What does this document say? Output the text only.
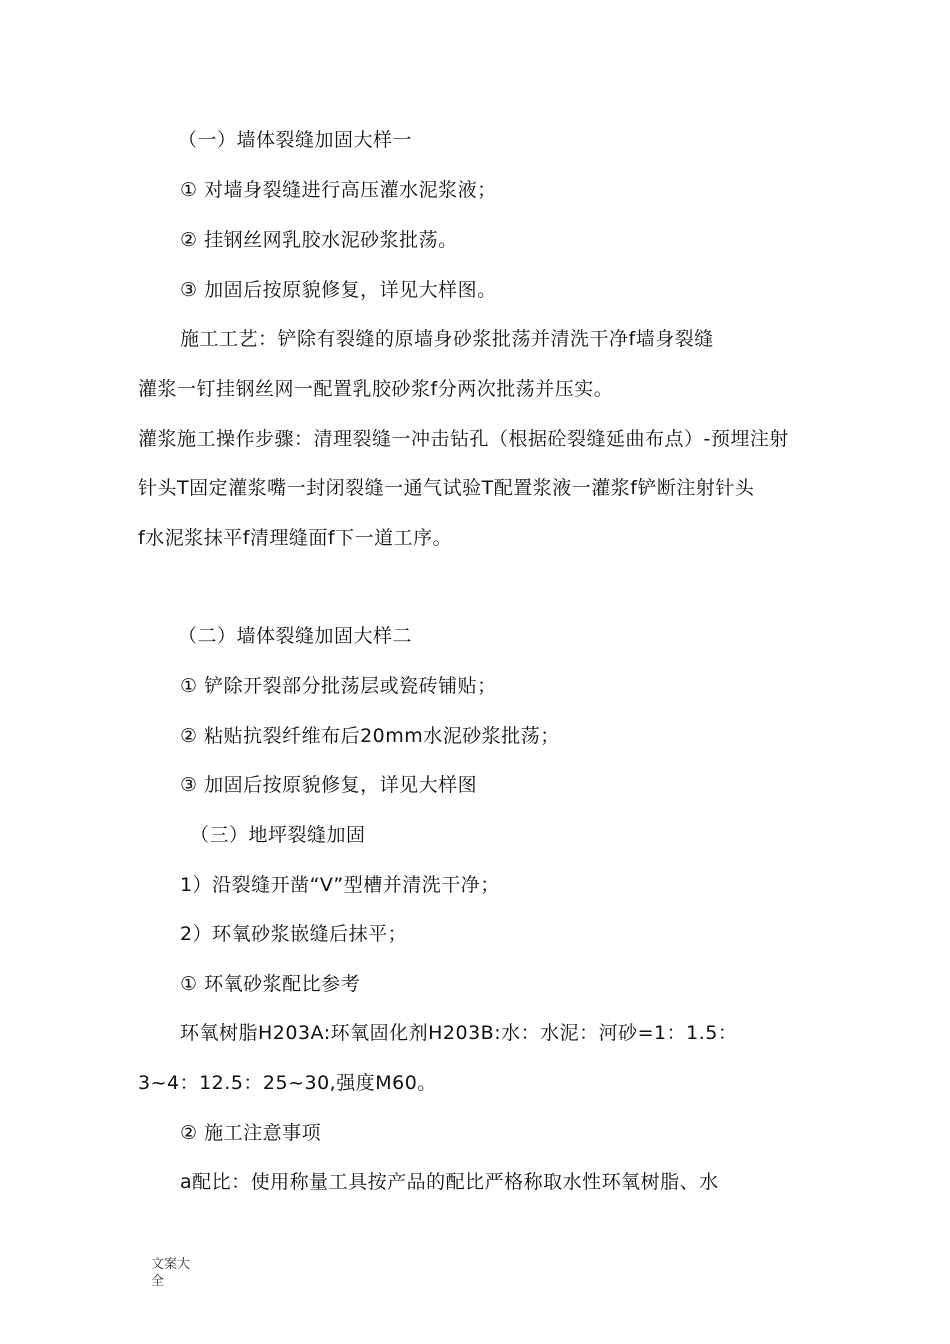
（一）墙体裂缝加固大样一
① 对墙身裂缝进行高压灌水泥浆液；
② 挂钢丝网乳胶水泥砂浆批荡。
③ 加固后按原貌修复，详见大样图。
施工工艺：铲除有裂缝的原墙身砂浆批荡并清洗干净f墙身裂缝
灌浆一钉挂钢丝网一配置乳胶砂浆f分两次批荡并压实。
灌浆施工操作步骤：清理裂缝一冲击钻孔（根据砼裂缝延曲布点）-预埋注射
针头T固定灌浆嘴一封闭裂缝一通气试验T配置浆液一灌浆f铲断注射针头
f水泥浆抹平f清理缝面f下一道工序。
（二）墙体裂缝加固大样二
① 铲除开裂部分批荡层或瓷砖铺贴；
② 粘贴抗裂纤维布后20mm水泥砂浆批荡；
③ 加固后按原貌修复，详见大样图
（三）地坪裂缝加固
1）沿裂缝开凿“V”型槽并清洗干净；
2）环氧砂浆嵌缝后抹平；
① 环氧砂浆配比参考
环氧树脂H203A:环氧固化剂H203B:水：水泥：河砂=1：1.5：
3~4：12.5：25~30,强度M60。
② 施工注意事项
a配比：使用称量工具按产品的配比严格称取水性环氧树脂、水
文案大全
